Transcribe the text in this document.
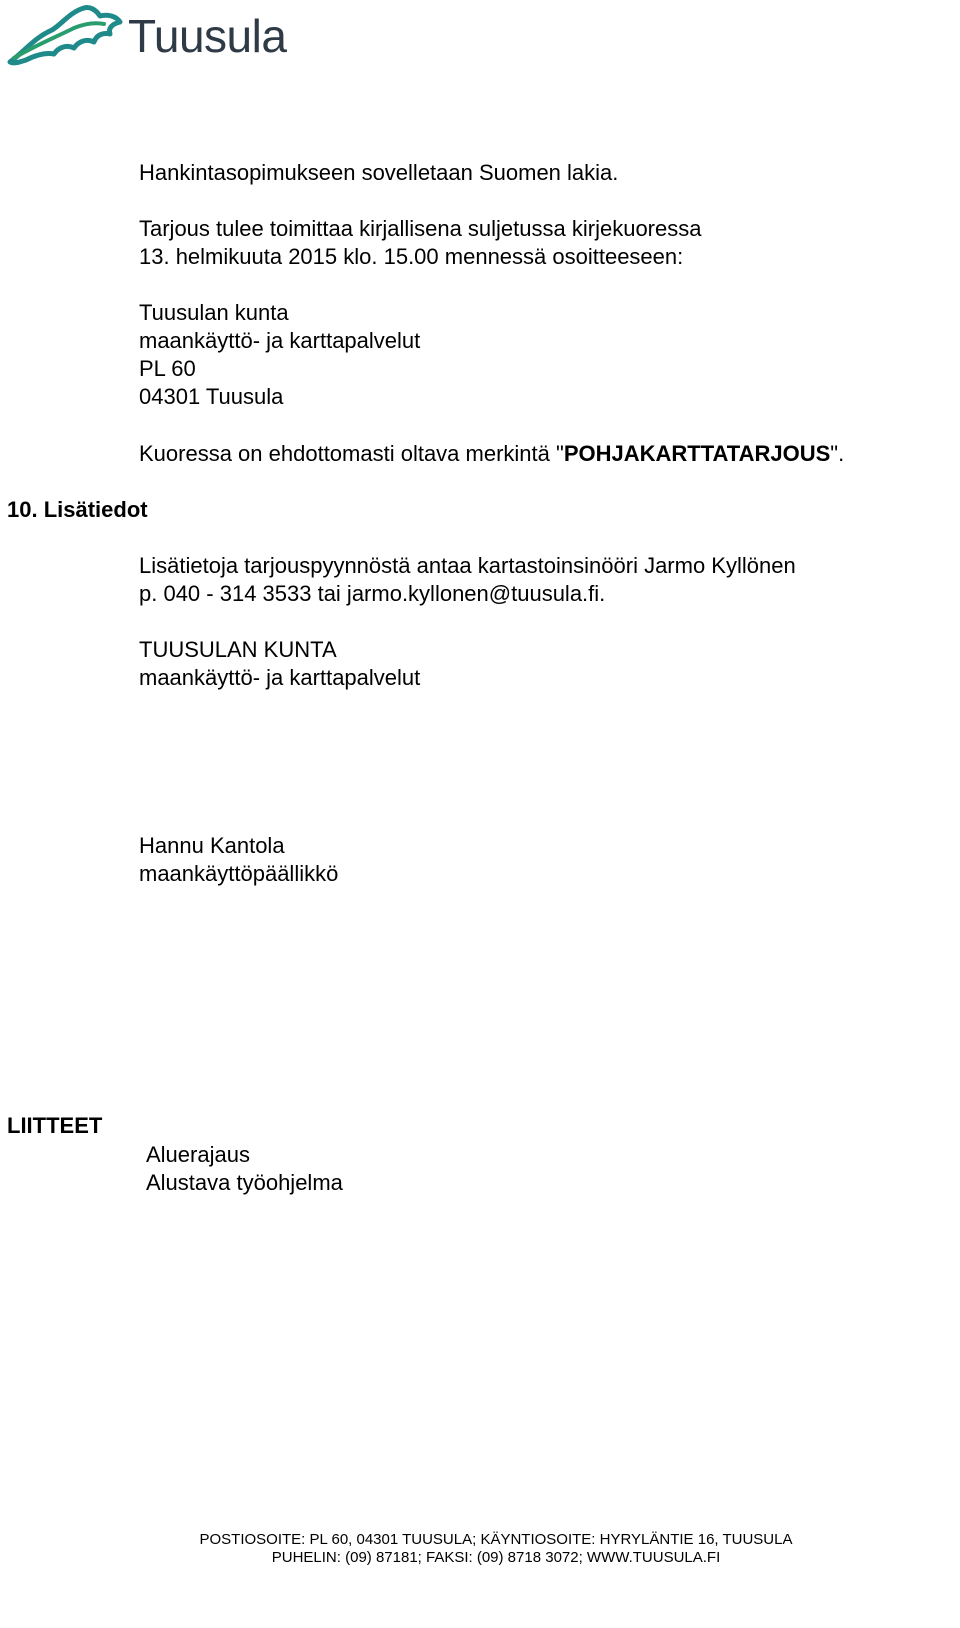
Tuusula
Hankintasopimukseen sovelletaan Suomen lakia.
Tarjous tulee toimittaa kirjallisena suljetussa kirjekuoressa
13. helmikuuta 2015 klo. 15.00 mennessä osoitteeseen:
Tuusulan kunta
maankäyttö- ja karttapalvelut
PL 60
04301 Tuusula
Kuoressa on ehdottomasti oltava merkintä "POHJAKARTTATARJOUS".
10. Lisätiedot
Lisätietoja tarjouspyynnöstä antaa kartastoinsinööri Jarmo Kyllönen
p. 040 - 314 3533 tai jarmo.kyllonen@tuusula.fi.
TUUSULAN KUNTA
maankäyttö- ja karttapalvelut
Hannu Kantola
maankäyttöpäällikkö
LIITTEET
Aluerajaus
Alustava työohjelma
POSTIOSOITE: PL 60, 04301 TUUSULA; KÄYNTIOSOITE: HYRYLÄNTIE 16, TUUSULA
PUHELIN: (09) 87181; FAKSI: (09) 8718 3072; WWW.TUUSULA.FI
